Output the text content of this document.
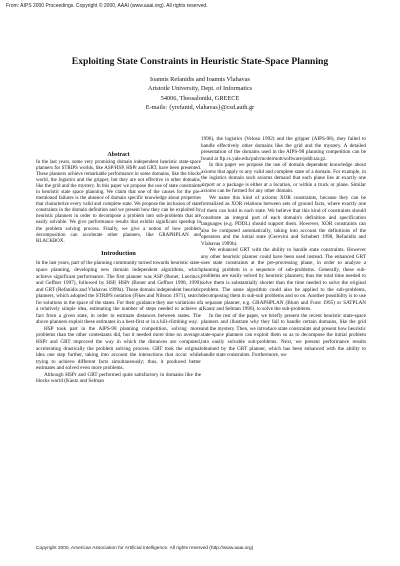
From: AIPS 2000 Proceedings. Copyright © 2000, AAAI (www.aaai.org). All rights reserved.
Exploiting State Constraints in Heuristic State-Space Planning
Ioannis Refanidis and Ioannis Vlahavas
Aristotle University, Dept. of Informatics
54006, Thessaloniki, GREECE
E-mails: {yrefanid, vlahavas}@csd.auth.gr
Abstract

In the last years, some very promising domain independent heuristic state-space planners for STRIPS worlds, like ASP/HSP, HSPr and GRT, have been presented. These planners achieve remarkable performance in some domains, like the blocks world, the logistics and the gripper, but they are not effective in other domains, like the grid and the mystery. In this paper we propose the use of state constraints in heuristic state space planning. We claim that one of the causes for the pre-mentioned failures is the absence of domain specific knowledge about properties that characterize every valid and complete state. We propose the inclusion of state constraints in the domain definition and we present how they can be exploited by heuristic planners in order to decompose a problem into sub-problems that are easily solvable. We give performance results that exhibit significant speedup in the problem solving process. Finally, we give a notion of how problem decomposition can accelerate other planners, like GRAPHPLAN and BLACKBOX.

Introduction

In the last years, part of the planning community turned towards heuristic state-space planning, developing new domain independent algorithms, which achieve significant performance. The first planner was ASP (Bonet, Loerincs, and Geffner 1997), followed by HSP, HSPr (Boner and Geffner 1998, 1999) and GRT (Refanidis and Vlahavas 1999a). These domain independent heuristic planners, which adopted the STRIPS notation (Fikes and Nilsson 1971), search for solutions in the space of the states. For their guidance they use variations of a relatively simple idea, estimating the number of steps needed to achieve a fact from a given state, in order to estimate distances between states. The above planners exploit these estimates in a best-first or in a hill-climbing way.

HSP took part in the AIPS-98 planning competition, solving more problems than the other contestants did, but it needed more time on average. HSPr and GRT improved the way in which the distances are computed, accelerating drastically the problem solving process. GRT took the original idea one step further, taking into account the interactions that occur while trying to achieve different facts simultaneously; thus, it produced better estimates and solved even more problems.

Although HSPr and GRT performed quite satisfactory in domains like the blocks world (Kautz and Selman

1996), the logistics (Veloso 1992) and the gripper (AIPS-98), they failed to handle effectively other domains like the grid and the mystery. A detailed presentation of the domains used in the AIPS-98 planning competition can be found at ftp.cs.yale.edu/pub/mcdermott/software/pddl.tar.gz.

In this paper we propose the use of domain dependent knowledge about axioms that apply to any valid and complete state of a domain. For example, in the logistics domain such axioms demand that each plane lies at exactly one airport or a package is either at a location, or within a truck or plane. Similar axioms can be formed for any other domain.

We name this kind of axioms XOR constraints, because they can be formalized as XOR relations between sets of ground facts, where exactly one of them can hold in each state. We believe that this kind of constraints should constitute an integral part of each domain's definition and specification languages (e.g. PDDL) should support them. However, XOR constraints can also be computed automatically, taking into account the definitions of the operators and the initial state (Gerevini and Schubert 1998, Refanidis and Vlahavas 1999b).

We enhanced GRT with the ability to handle state constraints. However any other heuristic planner could have been used instead. The enhanced GRT uses state constraints at the pre-processing phase, in order to analyze a planning problem in a sequence of sub-problems. Generally, these sub-problems are easily solved by heuristic planners; thus the total time needed to solve them is substantially shorter than the time needed to solve the original problem. The same algorithm could also be applied to the sub-problems, decomposing them in sub-sub problems and so on. Another possibility is to use a separate planner, e.g. GRAPHPLAN (Blum and Furst 1995) or SATPLAN (Kautz and Selman 1996), to solve the sub-problems.

In the rest of the paper, we briefly present the recent heuristic state-space planners and illustrate why they fail to handle certain domains, like the grid and the mystery. Then, we introduce state constraints and present how heuristic state-space planners can exploit them so as to decompose the initial problem into easily solvable sub-problems. Next, we present performance results obtained by the GRT planner, which has been enhanced with the ability to handle state constraints. Furthermore, we

Copyright 2000, American Association for Artificial Intelligence. All rights reserved (http://www.aaai.org)
